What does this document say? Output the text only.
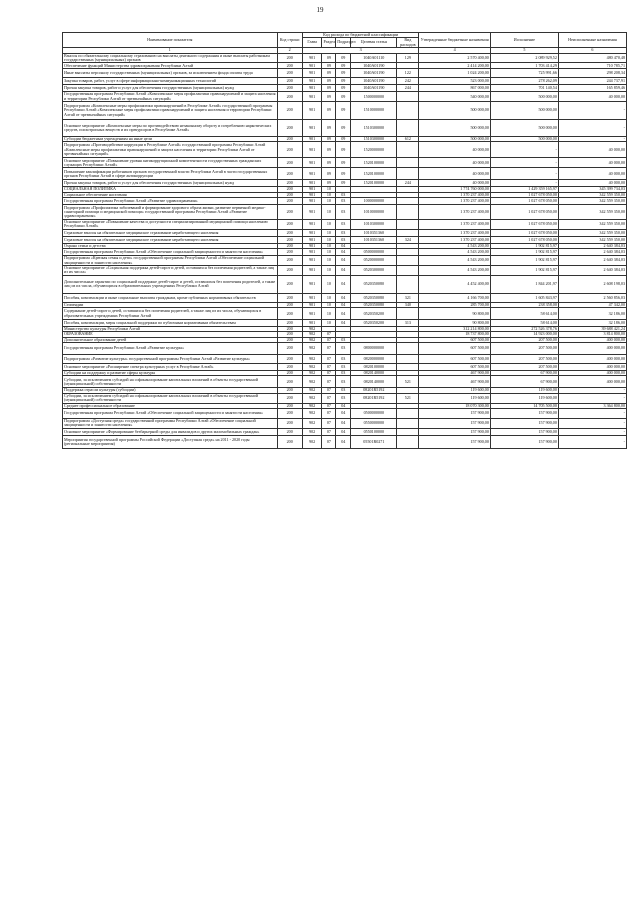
19
Наименование показателя	Код строки	Код расхода по бюджетной классификации					Утвержденные бюджетные назначения	Исполнение	Неисполненные назначения
		Глава	Раздел	Подраздел	Целевая статья	Вид расходов			
1	2	3					4	5	6
Взносы по обязательному социальному страхованию на выплаты денежного содержания и иные выплаты работникам государственных (муниципальных) органов	200	901	09	09	1040А01110	129	2 570 400,00	2 089 929,52	480 470,48
Обеспечение функций Министерства здравоохранения Республики Алтай	200	901	09	09	1040А01190		2 414 200,00	1 703 414,29	710 785,71
Иные выплаты персоналу государственных (муниципальных) органов, за исключением фонда оплаты труда	200	901	09	09	1040А01190	122	1 024 200,00	725 991,66	298 208,34
Закупка товаров, работ, услуг в сфере информационно-коммуникационных технологий	200	901	09	09	1040А01190	242	523 000,00	278 262,09	244 737,91
Прочая закупка товаров, работ и услуг для обеспечения государственных (муниципальных) нужд	200	901	09	09	1040А01190	244	867 000,00	701 140,54	165 859,46
Государственная программа Республики Алтай «Комплексные меры профилактики правонарушений и защита населения и территории Республики Алтай от чрезвычайных ситуаций»	200	901	09	09	1500000000		540 000,00	500 000,00	40 000,00
Подпрограмма «Комплексные меры профилактики правонарушений в Республике Алтай» государственной программы Республики Алтай «Комплексные меры профилактики правонарушений и защита населения и территории Республики Алтай от чрезвычайных ситуаций»	200	901	09	09	1510000000		500 000,00	500 000,00	-
Основное мероприятие «Комплексные меры по противодействию незаконному обороту и потреблению наркотических средств, психотропных веществ и их прекурсоров в Республике Алтай»	200	901	09	09	1510300000		500 000,00	500 000,00	-
Субсидии бюджетным учреждениям на иные цели	200	901	09	09	1510300000	612	500 000,00	500 000,00	-
Подпрограмма «Противодействие коррупции в Республике Алтай» государственной программы Республики Алтай «Комплексные меры профилактики правонарушений и защита населения и территории Республики Алтай от чрезвычайных ситуаций»	200	901	09	09	1520000000		40 000,00	-	40 000,00
Основное мероприятие «Повышение уровня антикоррупционной компетентности государственных гражданских служащих Республики Алтай»	200	901	09	09	1520100000		40 000,00	-	40 000,00
Повышение квалификации работников органов государственной власти Республики Алтай в части государственных органов Республики Алтай в сфере антикоррупции	200	901	09	09	1520100000		40 000,00	-	40 000,00
Прочая закупка товаров, работ и услуг для обеспечения государственных (муниципальных) нужд	200	901	09	09	1520100000	244	40 000,00	-	40 000,00
СОЦИАЛЬНАЯ ПОЛИТИКА	200	901	10				1 774 760 000,00	1 429 359 165,97	345 399 734,03
Социальное обеспечение населения	200	901	10	03			1 370 237 400,00	1 027 678 050,00	342 559 350,00
Государственная программа Республики Алтай «Развитие здравоохранения»	200	901	10	03	1000000000		1 370 237 400,00	1 027 678 050,00	342 559 350,00
Подпрограмма «Профилактика заболеваний и формирование здорового образа жизни, развитие первичной медико-санитарной помощи и медицинской помощи» государственной программы Республики Алтай «Развитие здравоохранения»	200	901	10	03	1010000000		1 370 237 400,00	1 027 678 050,00	342 559 350,00
Основное мероприятие «Повышение качества и доступности специализированной медицинской помощи населению Республики Алтай»	200	901	10	03	1010300000		1 370 237 400,00	1 027 678 050,00	342 559 350,00
Страховые взносы на обязательное медицинское страхование неработающего населения	200	901	10	03	1010351360		1 370 237 400,00	1 027 678 050,00	342 559 350,00
Страховые взносы на обязательное медицинское страхование неработающего населения	200	901	10	03	1010351360	324	1 370 237 400,00	1 027 678 050,00	342 559 350,00
Охрана семьи и детства	200	901	10	04			4 543 200,00	1 902 815,97	2 640 384,03
Государственная программа Республики Алтай «Обеспечение социальной защищенности и занятости населения»	200	901	10	04	0500000000		4 543 200,00	1 902 815,97	2 640 384,03
Подпрограмма «Крепкая семья и дети» государственной программы Республики Алтай «Обеспечение социальной защищенности и занятости населения»	200	901	10	04	0520000000		4 543 200,00	1 902 815,97	2 640 384,03
Основное мероприятие «Социальная поддержка детей-сирот и детей, оставшихся без попечения родителей, а также лиц из их числа»	200	901	10	04	0520300000		4 543 200,00	1 902 815,97	2 640 384,03
Дополнительные гарантии по социальной поддержке детей-сирот и детей, оставшихся без попечения родителей, а также лиц из их числа, обучающихся в образовательных учреждениях Республики Алтай	200	901	10	04	0520350080		4 452 400,00	1 844 201,97	2 608 198,03
Пособия, компенсации и иные социальные выплаты гражданам, кроме публичных нормативных обязательств	200	901	10	04	0520350080	321	4 166 700,00	1 605 843,97	2 560 856,03
Стипендии	200	901	10	04	0520350080	340	285 700,00	238 358,00	47 342,00
Содержание детей-сирот и детей, оставшихся без попечения родителей, а также лиц из их числа, обучающихся в образовательных учреждениях Республики Алтай	200	901	10	04	0520350200		90 800,00	58 614,00	32 186,00
Пособия, компенсации, меры социальной поддержки по публичным нормативным обязательствам	200	901	10	04	0520350200	313	90 800,00	58 614,00	32 186,00
Министерство культуры Республики Алтай	200	902					312 214 800,00	272 526 378,76	39 688 421,24
ОБРАЗОВАНИЕ	200	902	07				18 737 800,00	14 923 000,00	3 814 800,00
Дополнительное образование детей	200	902	07	03			607 500,00	207 500,00	400 000,00
Государственная программа Республики Алтай «Развитие культуры»	200	902	07	03	0800000000		607 500,00	207 500,00	400 000,00
Подпрограмма «Развитие культуры» государственной программы Республики Алтай «Развитие культуры»	200	902	07	03	0820000000		607 500,00	207 500,00	400 000,00
Основное мероприятие «Расширение спектра культурных услуг в Республике Алтай»	200	902	07	03	0820100000		607 500,00	207 500,00	400 000,00
Субсидии на поддержку и развитие сферы культуры	200	902	07	03	0820140000		467 900,00	67 900,00	400 000,00
Субсидии, за исключением субсидий на софинансирование капитальных вложений в объекты государственной (муниципальной) собственности	200	902	07	03	0820140000	521	467 900,00	67 900,00	400 000,00
Поддержка отрасли культуры (субсидии)	200	902	07	03	08201R5192		119 600,00	119 600,00	-
Субсидии, за исключением субсидий на софинансирование капитальных вложений в объекты государственной (муниципальной) собственности	200	902	07	03	08201R5192	521	119 600,00	119 600,00	-
Среднее профессиональное образование	200	902	07	04			18 070 300,00	14 705 500,00	3 364 800,00
Государственная программа Республики Алтай «Обеспечение социальной защищенности и занятости населения»	200	902	07	04	0500000000		157 900,00	157 900,00	-
Подпрограмма «Доступная среда» государственной программы Республики Алтай «Обеспечение социальной защищенности и занятости населения»	200	902	07	04	0550000000		157 900,00	157 900,00	-
Основное мероприятие «Формирование безбарьерной среды для инвалидов и других маломобильных граждан»	200	902	07	04	0550100000		157 900,00	157 900,00	-
Мероприятия государственной программы Российской Федерации «Доступная среда» на 2011 - 2020 годы (региональные мероприятия)	200	902	07	04	05501R0271		157 900,00	157 900,00	-
